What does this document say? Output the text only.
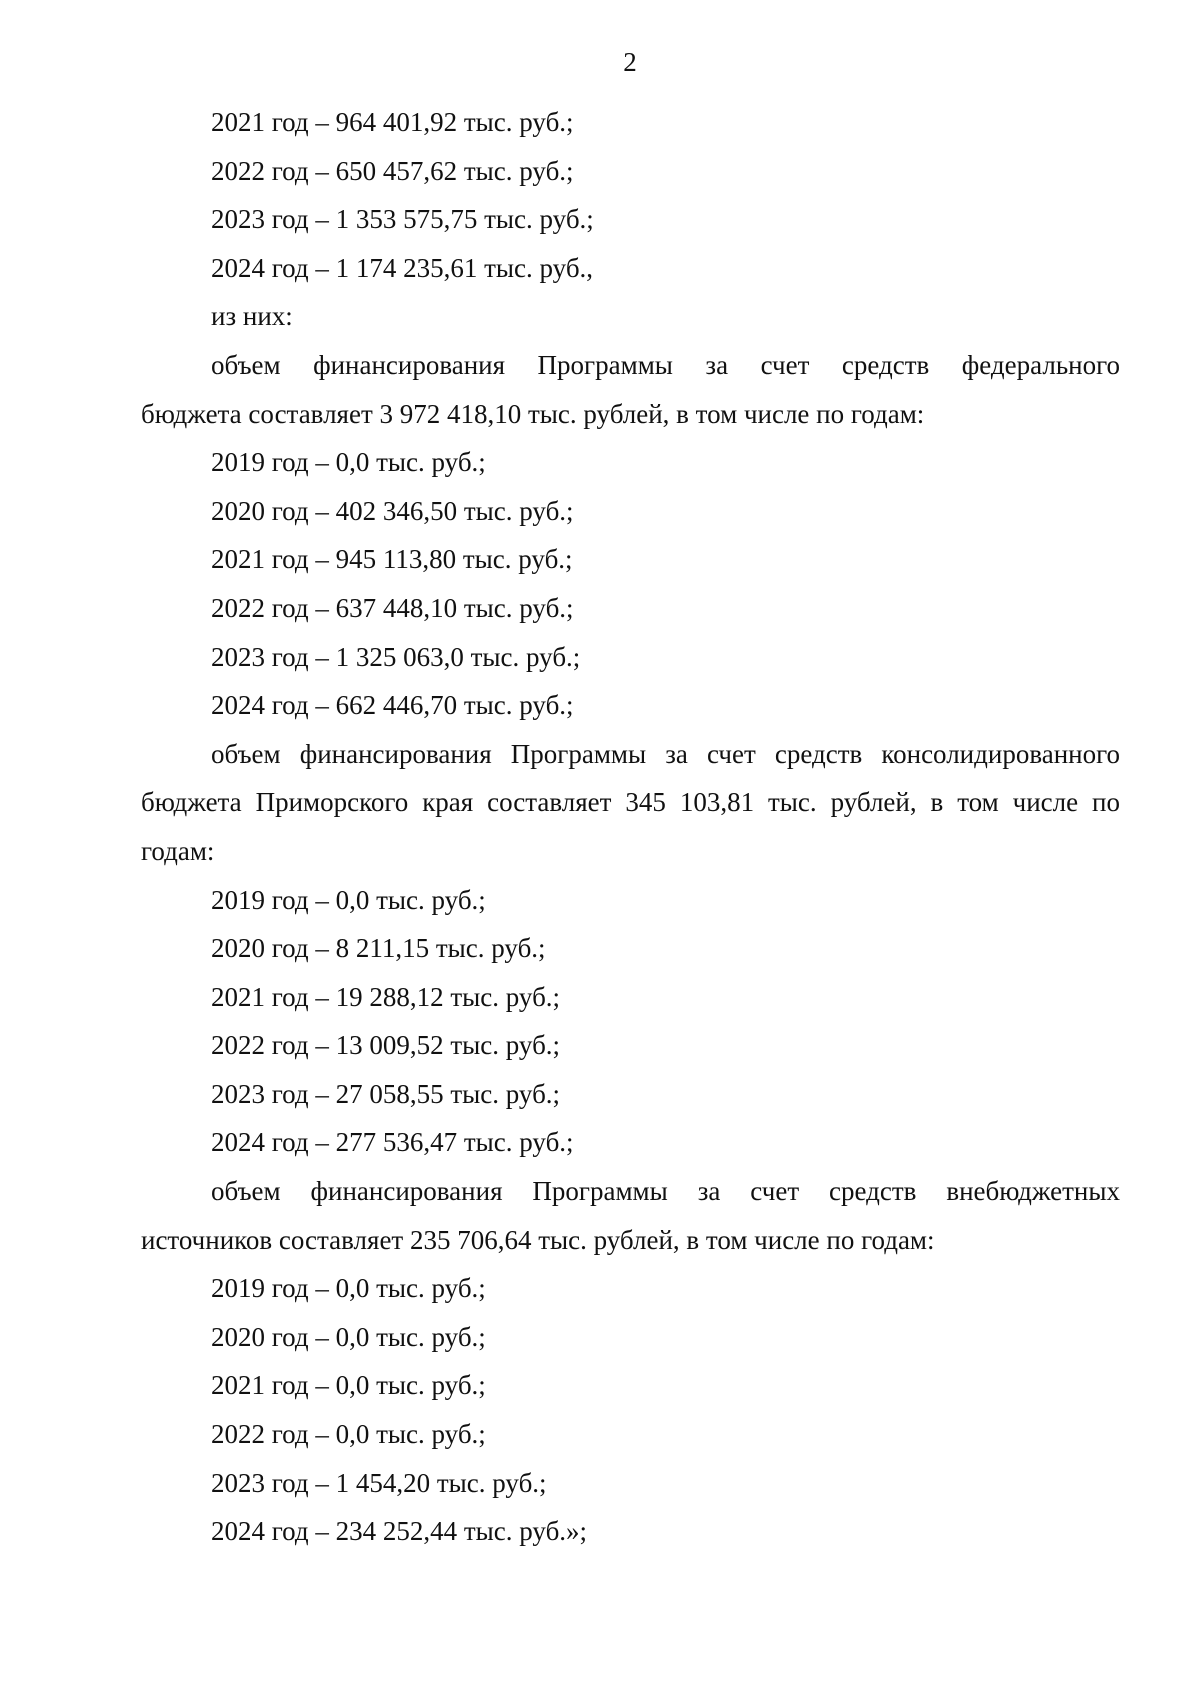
2
2021 год – 964 401,92 тыс. руб.;
2022 год – 650 457,62 тыс. руб.;
2023 год – 1 353 575,75 тыс. руб.;
2024 год – 1 174 235,61 тыс. руб.,
из них:
объем финансирования Программы за счет средств федерального
бюджета составляет 3 972 418,10 тыс. рублей, в том числе по годам:
2019 год – 0,0 тыс. руб.;
2020 год – 402 346,50 тыс. руб.;
2021 год – 945 113,80 тыс. руб.;
2022 год – 637 448,10 тыс. руб.;
2023 год – 1 325 063,0 тыс. руб.;
2024 год – 662 446,70 тыс. руб.;
объем финансирования Программы за счет средств консолидированного
бюджета Приморского края составляет 345 103,81 тыс. рублей, в том числе по
годам:
2019 год – 0,0 тыс. руб.;
2020 год – 8 211,15 тыс. руб.;
2021 год – 19 288,12 тыс. руб.;
2022 год – 13 009,52 тыс. руб.;
2023 год – 27 058,55 тыс. руб.;
2024 год – 277 536,47 тыс. руб.;
объем финансирования Программы за счет средств внебюджетных
источников составляет 235 706,64 тыс. рублей, в том числе по годам:
2019 год – 0,0 тыс. руб.;
2020 год – 0,0 тыс. руб.;
2021 год – 0,0 тыс. руб.;
2022 год – 0,0 тыс. руб.;
2023 год – 1 454,20 тыс. руб.;
2024 год – 234 252,44 тыс. руб.»;
